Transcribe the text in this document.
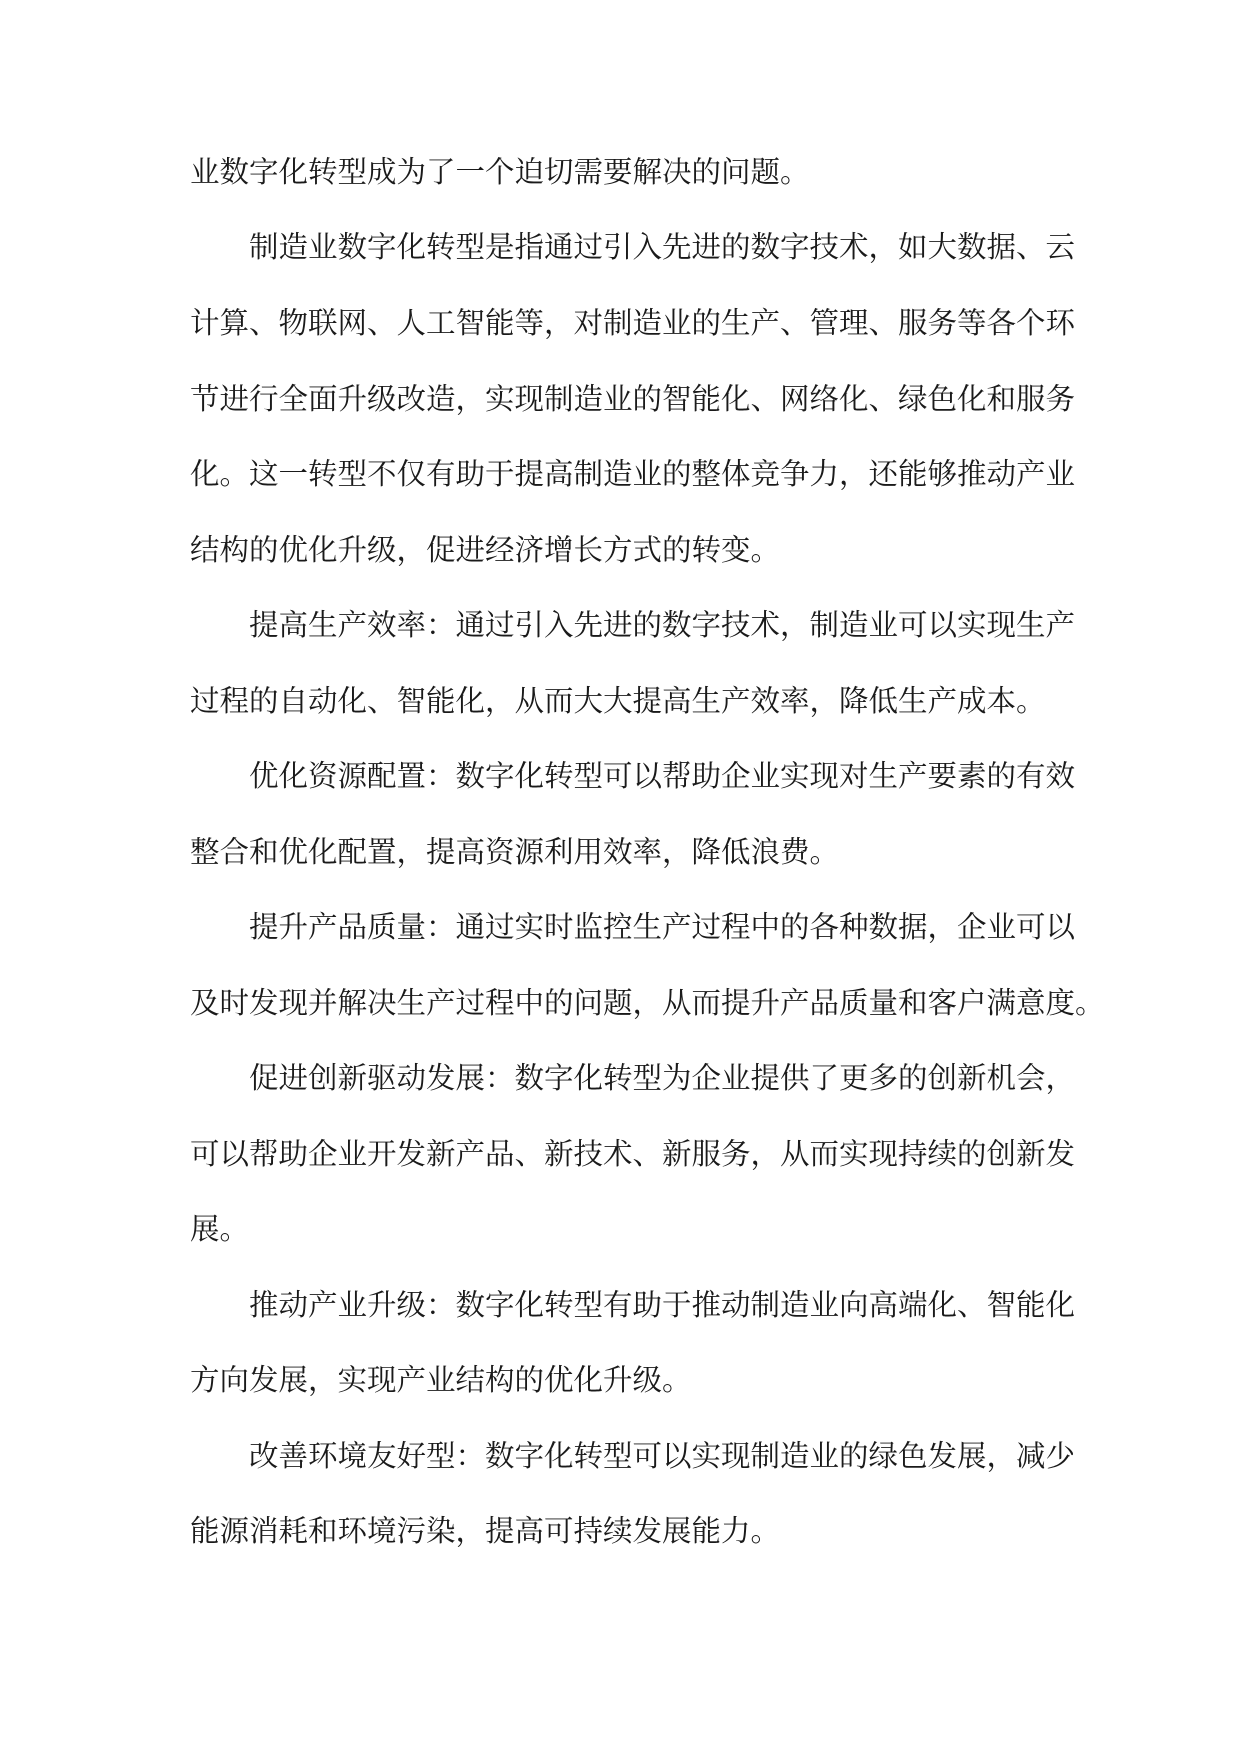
业数字化转型成为了一个迫切需要解决的问题。

制造业数字化转型是指通过引入先进的数字技术，如大数据、云

计算、物联网、人工智能等，对制造业的生产、管理、服务等各个环

节进行全面升级改造，实现制造业的智能化、网络化、绿色化和服务

化。这一转型不仅有助于提高制造业的整体竞争力，还能够推动产业

结构的优化升级，促进经济增长方式的转变。

提高生产效率：通过引入先进的数字技术，制造业可以实现生产

过程的自动化、智能化，从而大大提高生产效率，降低生产成本。

优化资源配置：数字化转型可以帮助企业实现对生产要素的有效

整合和优化配置，提高资源利用效率，降低浪费。

提升产品质量：通过实时监控生产过程中的各种数据，企业可以

及时发现并解决生产过程中的问题，从而提升产品质量和客户满意度。

促进创新驱动发展：数字化转型为企业提供了更多的创新机会，

可以帮助企业开发新产品、新技术、新服务，从而实现持续的创新发

展。

推动产业升级：数字化转型有助于推动制造业向高端化、智能化

方向发展，实现产业结构的优化升级。

改善环境友好型：数字化转型可以实现制造业的绿色发展，减少

能源消耗和环境污染，提高可持续发展能力。
